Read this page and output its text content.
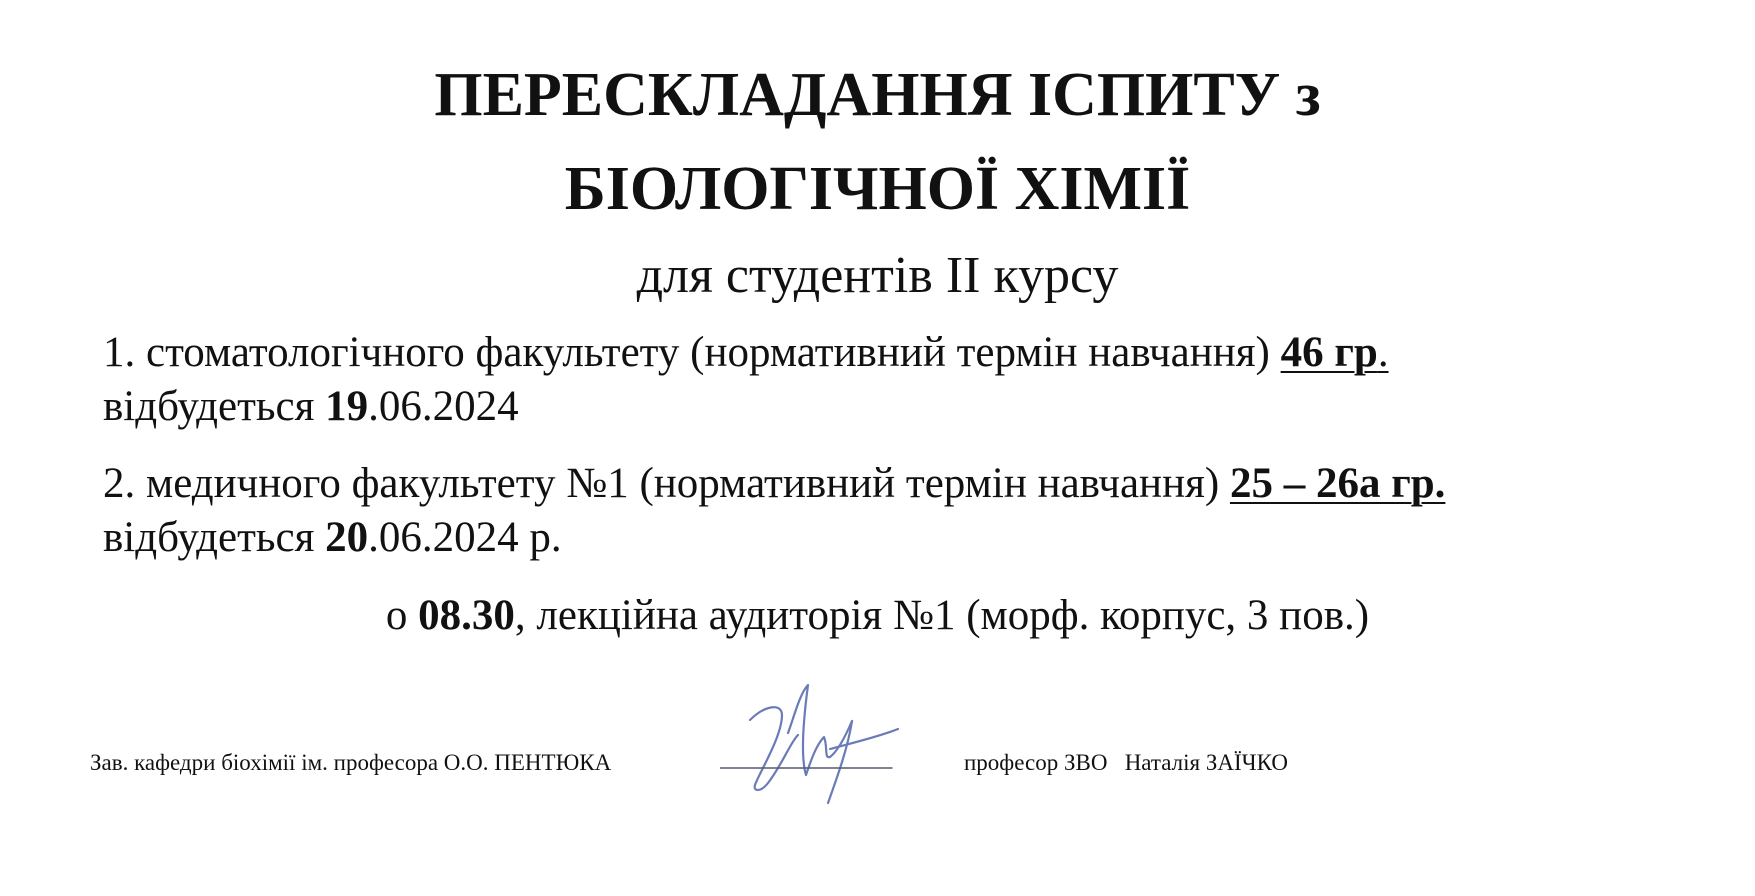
ПЕРЕСКЛАДАННЯ ІСПИТУ з
БІОЛОГІЧНОЇ ХІМІЇ
для студентів ІІ курсу
1. стоматологічного факультету (нормативний термін навчання) 46 гр.
відбудеться 19.06.2024
2. медичного факультету №1 (нормативний термін навчання) 25 – 26а гр.
відбудеться 20.06.2024 р.
о 08.30, лекційна аудиторія №1 (морф. корпус, 3 пов.)
Зав. кафедри біохімії ім. професора О.О. ПЕНТЮКА	професор ЗВО Наталія ЗАЇЧКО
